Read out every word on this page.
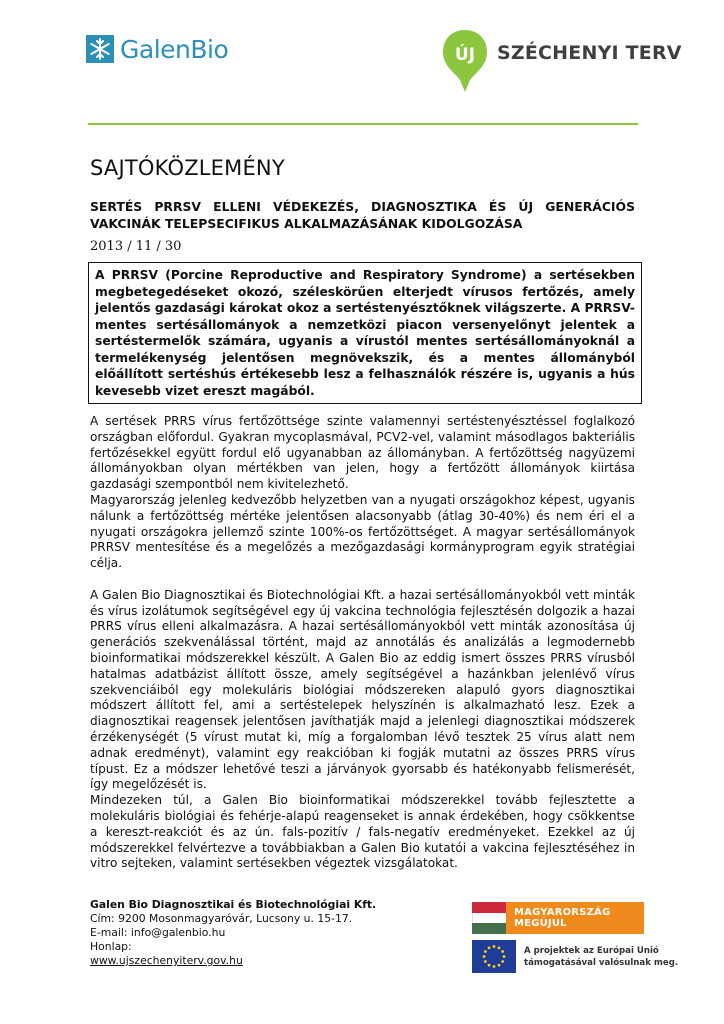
GalenBio	ÚJ SZÉCHENYI TERV
SAJTÓKÖZLEMÉNY
SERTÉS PRRSV ELLENI VÉDEKEZÉS, DIAGNOSZTIKA ÉS ÚJ GENERÁCIÓS VAKCINÁK TELEPSECIFIKUS ALKALMAZÁSÁNAK KIDOLGOZÁSA
2013 / 11 / 30
A PRRSV (Porcine Reproductive and Respiratory Syndrome) a sertésekben megbetegedéseket okozó, széleskörűen elterjedt vírusos fertőzés, amely jelentős gazdasági károkat okoz a sertéstenyésztőknek világszerte. A PRRSV-mentes sertésállományok a nemzetközi piacon versenyelőnyt jelentek a sertéstermelők számára, ugyanis a vírustól mentes sertésállományoknál a termelékenység jelentősen megnövekszik, és a mentes állományból előállított sertéshús értékesebb lesz a felhasználók részére is, ugyanis a hús kevesebb vizet ereszt magából.

A sertések PRRS vírus fertőzöttsége szinte valamennyi sertéstenyésztéssel foglalkozó országban előfordul. Gyakran mycoplasmával, PCV2-vel, valamint másodlagos bakteriális fertőzésekkel együtt fordul elő ugyanabban az állományban. A fertőzöttség nagyüzemi állományokban olyan mértékben van jelen, hogy a fertőzött állományok kiirtása gazdasági szempontból nem kivitelezhető.

Magyarország jelenleg kedvezőbb helyzetben van a nyugati országokhoz képest, ugyanis nálunk a fertőzöttség mértéke jelentősen alacsonyabb (átlag 30-40%) és nem éri el a nyugati országokra jellemző szinte 100%-os fertőzöttséget. A magyar sertésállományok PRRSV mentesítése és a megelőzés a mezőgazdasági kormányprogram egyik stratégiai célja.

A Galen Bio Diagnosztikai és Biotechnológiai Kft. a hazai sertésállományokból vett minták és vírus izolátumok segítségével egy új vakcina technológia fejlesztésén dolgozik a hazai PRRS vírus elleni alkalmazásra. A hazai sertésállományokból vett minták azonosítása új generációs szekvenálással történt, majd az annotálás és analizálás a legmodernebb bioinformatikai módszerekkel készült. A Galen Bio az eddig ismert összes PRRS vírusból hatalmas adatbázist állított össze, amely segítségével a hazánkban jelenlévő vírus szekvenciáiból egy molekuláris biológiai módszereken alapuló gyors diagnosztikai módszert állított fel, ami a sertéstelepek helyszínén is alkalmazható lesz. Ezek a diagnosztikai reagensek jelentősen javíthatják majd a jelenlegi diagnosztikai módszerek érzékenységét (5 vírust mutat ki, míg a forgalomban lévő tesztek 25 vírus alatt nem adnak eredményt), valamint egy reakcióban ki fogják mutatni az összes PRRS vírus típust. Ez a módszer lehetővé teszi a járványok gyorsabb és hatékonyabb felismerését, így megelőzését is.

Mindezeken túl, a Galen Bio bioinformatikai módszerekkel tovább fejlesztette a molekuláris biológiai és fehérje-alapú reagenseket is annak érdekében, hogy csökkentse a kereszt-reakciót és az ún. fals-pozitív / fals-negatív eredményeket. Ezekkel az új módszerekkel felvértezve a továbbiakban a Galen Bio kutatói a vakcina fejlesztéséhez in vitro sejteken, valamint sertésekben végeztek vizsgálatokat.

Galen Bio Diagnosztikai és Biotechnológiai Kft.
Cím: 9200 Mosonmagyaróvár, Lucsony u. 15-17.
E-mail: info@galenbio.hu
Honlap:
www.ujszechenyiterv.gov.hu
MAGYARORSZÁG MEGÚJUL
A projektek az Európai Unió
támogatásával valósulnak meg.
